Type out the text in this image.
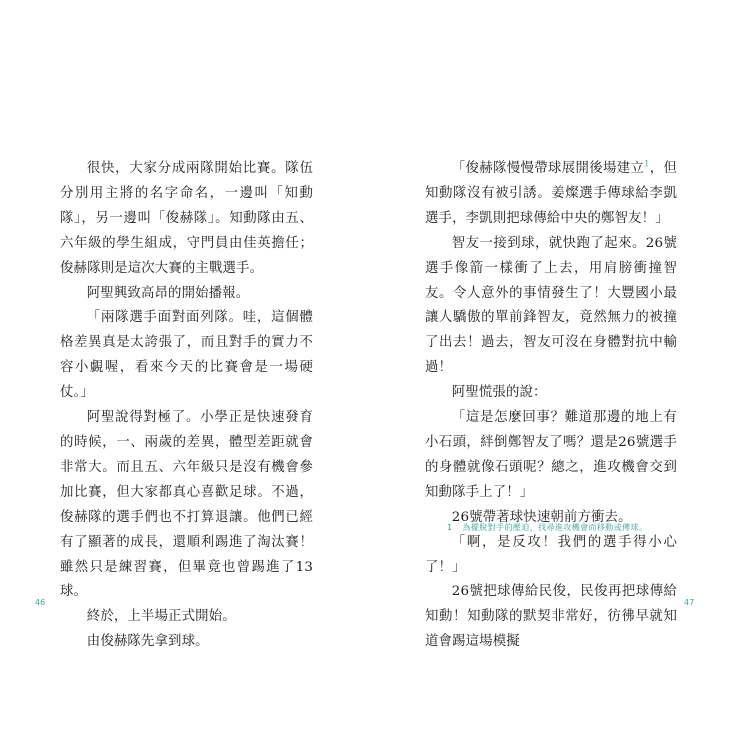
很快，大家分成兩隊開始比賽。隊伍分別用主將的名字命名，一邊叫「知動隊」，另一邊叫「俊赫隊」。知動隊由五、六年級的學生組成，守門員由佳英擔任；俊赫隊則是這次大賽的主戰選手。

阿聖興致高昂的開始播報。

「兩隊選手面對面列隊。哇，這個體格差異真是太誇張了，而且對手的實力不容小覷喔，看來今天的比賽會是一場硬仗。」

阿聖說得對極了。小學正是快速發育的時候，一、兩歲的差異，體型差距就會非常大。而且五、六年級只是沒有機會參加比賽，但大家都真心喜歡足球。不過，俊赫隊的選手們也不打算退讓。他們已經有了顯著的成長，還順利踢進了淘汰賽！雖然只是練習賽，但畢竟也曾踢進了13球。

終於，上半場正式開始。

由俊赫隊先拿到球。

46

「俊赫隊慢慢帶球展開後場建立$^1$，但知動隊沒有被引誘。姜燦選手傳球給李凱選手，李凱則把球傳給中央的鄭智友！」

智友一接到球，就快跑了起來。26號選手像箭一樣衝了上去，用肩膀衝撞智友。令人意外的事情發生了！大豐國小最讓人驕傲的單前鋒智友，竟然無力的被撞了出去！過去，智友可沒在身體對抗中輸過！

阿聖慌張的說：

「這是怎麼回事？難道那邊的地上有小石頭，絆倒鄭智友了嗎？還是26號選手的身體就像石頭呢？總之，進攻機會交到知動隊手上了！」

26號帶著球快速朝前方衝去。

「啊，是反攻！我們的選手得小心了！」

26號把球傳給民俊，民俊再把球傳給知動！知動隊的默契非常好，彷彿早就知道會踢這場模擬

1 為擺脫對手的壓迫，找尋進攻機會而移動或傳球。
47
